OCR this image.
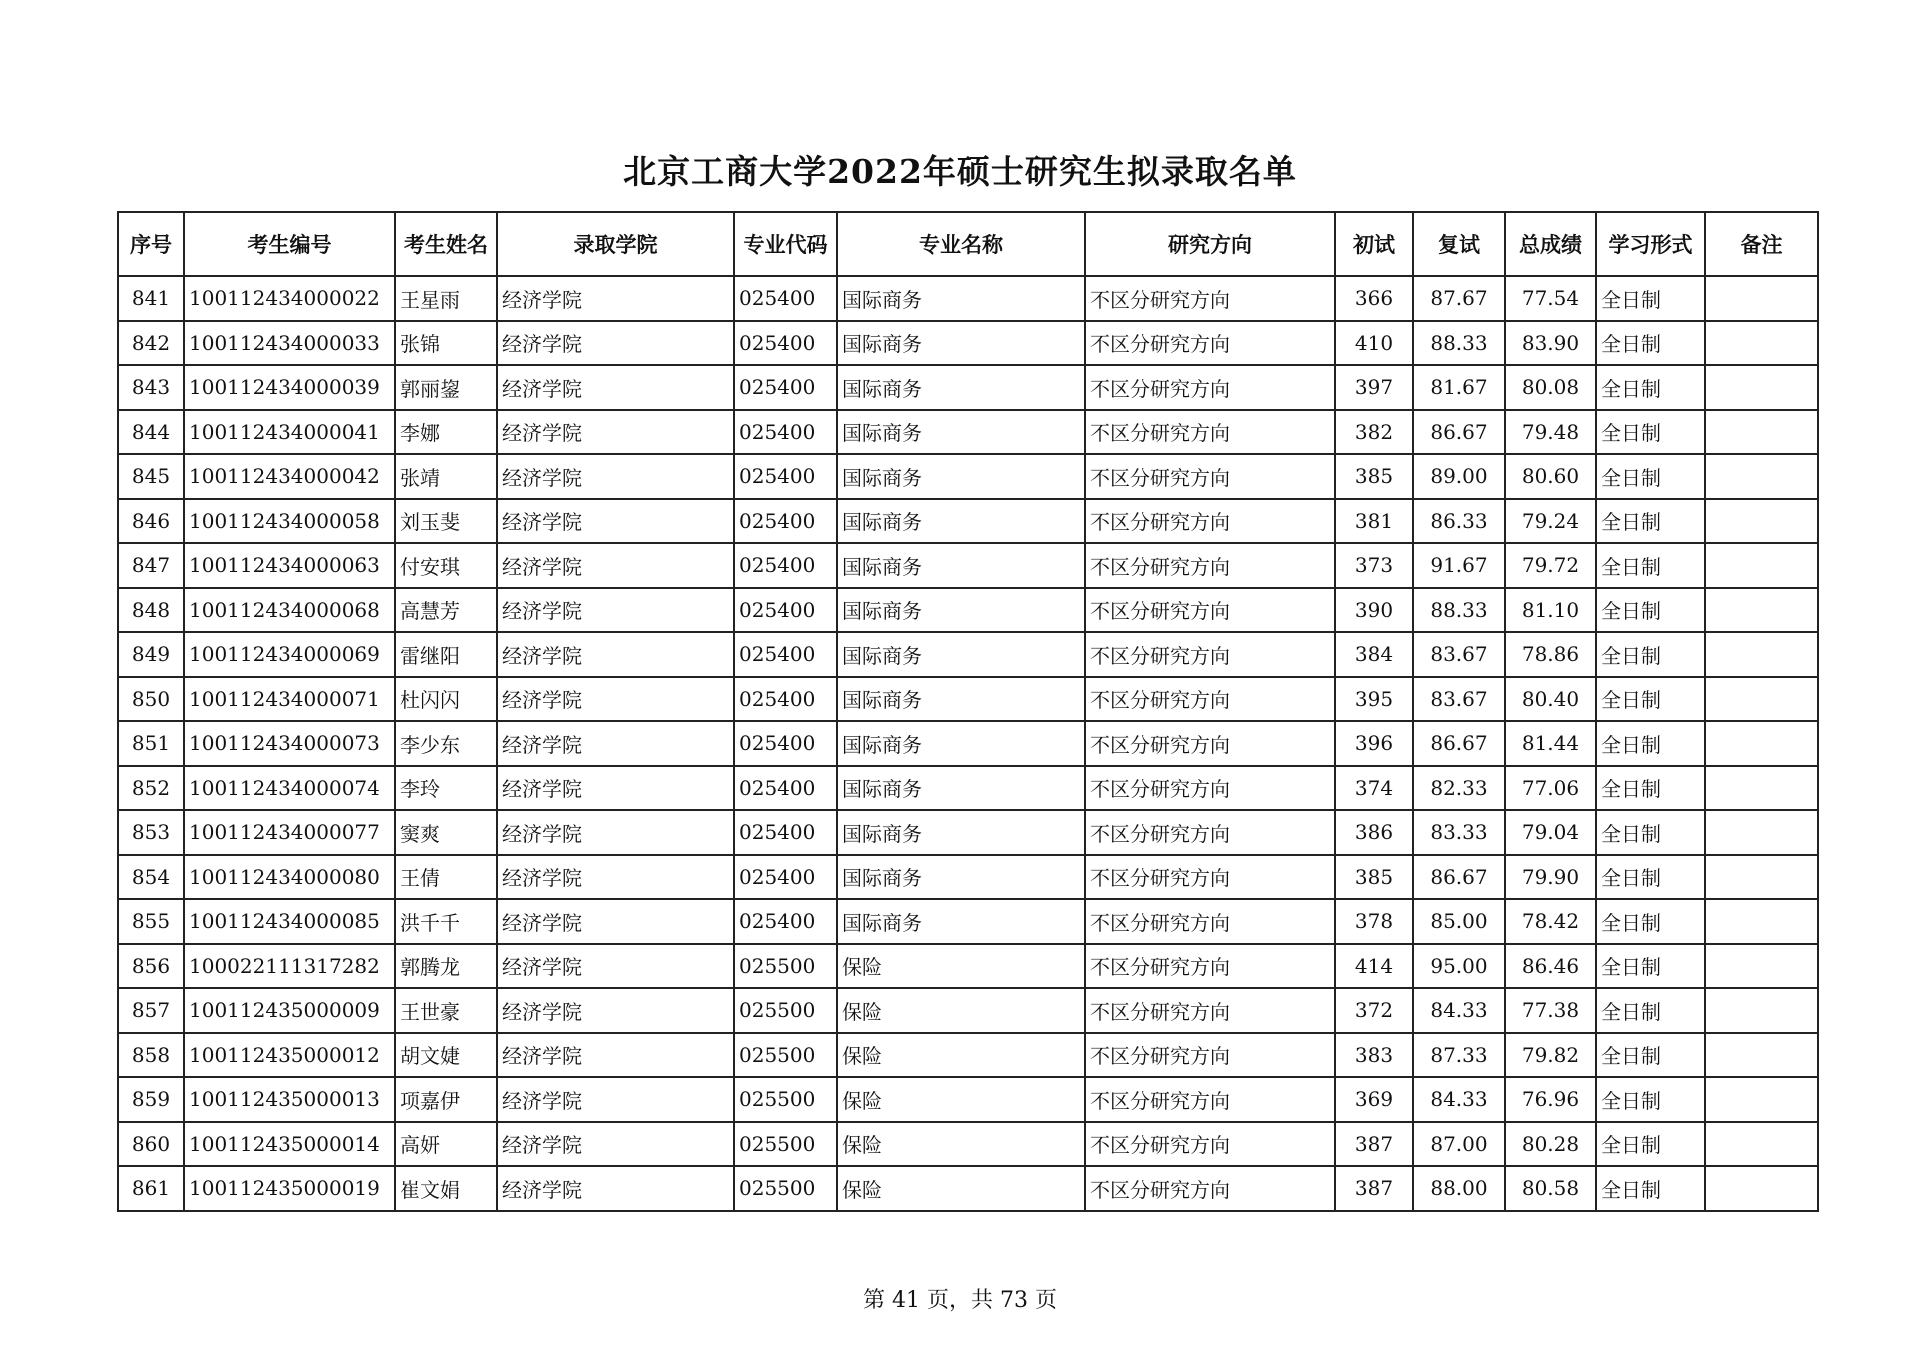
北京工商大学2022年硕士研究生拟录取名单
序号	考生编号	考生姓名	录取学院	专业代码	专业名称	研究方向	初试	复试	总成绩	学习形式	备注
841	100112434000022	王星雨	经济学院	025400	国际商务	不区分研究方向	366	87.67	77.54	全日制	
842	100112434000033	张锦	经济学院	025400	国际商务	不区分研究方向	410	88.33	83.90	全日制	
843	100112434000039	郭丽鋆	经济学院	025400	国际商务	不区分研究方向	397	81.67	80.08	全日制	
844	100112434000041	李娜	经济学院	025400	国际商务	不区分研究方向	382	86.67	79.48	全日制	
845	100112434000042	张靖	经济学院	025400	国际商务	不区分研究方向	385	89.00	80.60	全日制	
846	100112434000058	刘玉斐	经济学院	025400	国际商务	不区分研究方向	381	86.33	79.24	全日制	
847	100112434000063	付安琪	经济学院	025400	国际商务	不区分研究方向	373	91.67	79.72	全日制	
848	100112434000068	高慧芳	经济学院	025400	国际商务	不区分研究方向	390	88.33	81.10	全日制	
849	100112434000069	雷继阳	经济学院	025400	国际商务	不区分研究方向	384	83.67	78.86	全日制	
850	100112434000071	杜闪闪	经济学院	025400	国际商务	不区分研究方向	395	83.67	80.40	全日制	
851	100112434000073	李少东	经济学院	025400	国际商务	不区分研究方向	396	86.67	81.44	全日制	
852	100112434000074	李玲	经济学院	025400	国际商务	不区分研究方向	374	82.33	77.06	全日制	
853	100112434000077	窦爽	经济学院	025400	国际商务	不区分研究方向	386	83.33	79.04	全日制	
854	100112434000080	王倩	经济学院	025400	国际商务	不区分研究方向	385	86.67	79.90	全日制	
855	100112434000085	洪千千	经济学院	025400	国际商务	不区分研究方向	378	85.00	78.42	全日制	
856	100022111317282	郭腾龙	经济学院	025500	保险	不区分研究方向	414	95.00	86.46	全日制	
857	100112435000009	王世豪	经济学院	025500	保险	不区分研究方向	372	84.33	77.38	全日制	
858	100112435000012	胡文婕	经济学院	025500	保险	不区分研究方向	383	87.33	79.82	全日制	
859	100112435000013	项嘉伊	经济学院	025500	保险	不区分研究方向	369	84.33	76.96	全日制	
860	100112435000014	高妍	经济学院	025500	保险	不区分研究方向	387	87.00	80.28	全日制	
861	100112435000019	崔文娟	经济学院	025500	保险	不区分研究方向	387	88.00	80.58	全日制	
第 41 页，共 73 页
